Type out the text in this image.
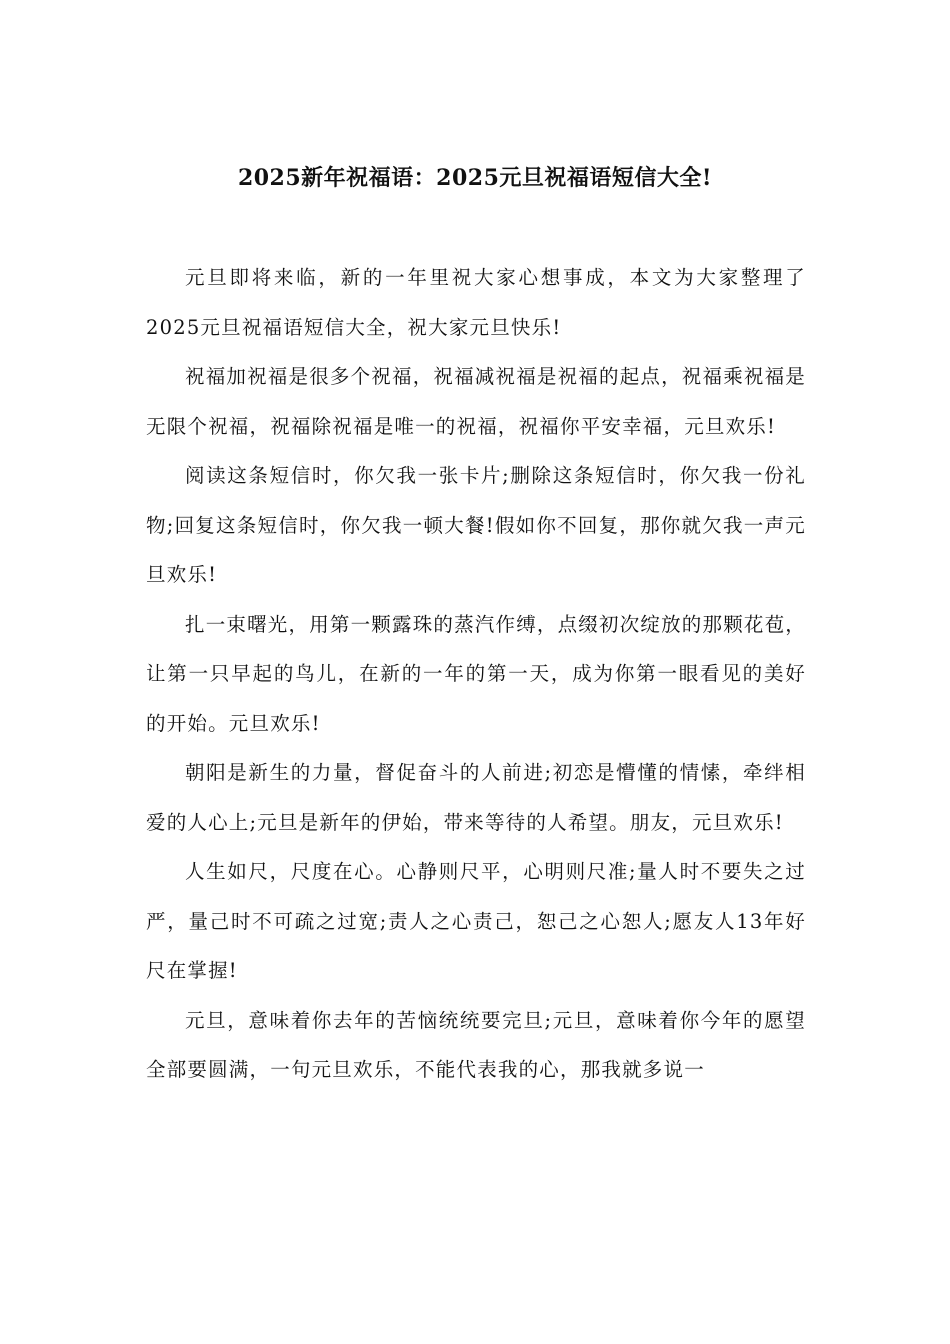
2025新年祝福语：2025元旦祝福语短信大全!

元旦即将来临，新的一年里祝大家心想事成，本文为大家整理了2025元旦祝福语短信大全，祝大家元旦快乐!

祝福加祝福是很多个祝福，祝福减祝福是祝福的起点，祝福乘祝福是无限个祝福，祝福除祝福是唯一的祝福，祝福你平安幸福，元旦欢乐!

阅读这条短信时，你欠我一张卡片;删除这条短信时，你欠我一份礼物;回复这条短信时，你欠我一顿大餐!假如你不回复，那你就欠我一声元旦欢乐!

扎一束曙光，用第一颗露珠的蒸汽作缚，点缀初次绽放的那颗花苞，让第一只早起的鸟儿，在新的一年的第一天，成为你第一眼看见的美好的开始。元旦欢乐!

朝阳是新生的力量，督促奋斗的人前进;初恋是懵懂的情愫，牵绊相爱的人心上;元旦是新年的伊始，带来等待的人希望。朋友，元旦欢乐!

人生如尺，尺度在心。心静则尺平，心明则尺准;量人时不要失之过严，量己时不可疏之过宽;责人之心责己，恕己之心恕人;愿友人13年好尺在掌握!

元旦，意味着你去年的苦恼统统要完旦;元旦，意味着你今年的愿望全部要圆满，一句元旦欢乐，不能代表我的心，那我就多说一
